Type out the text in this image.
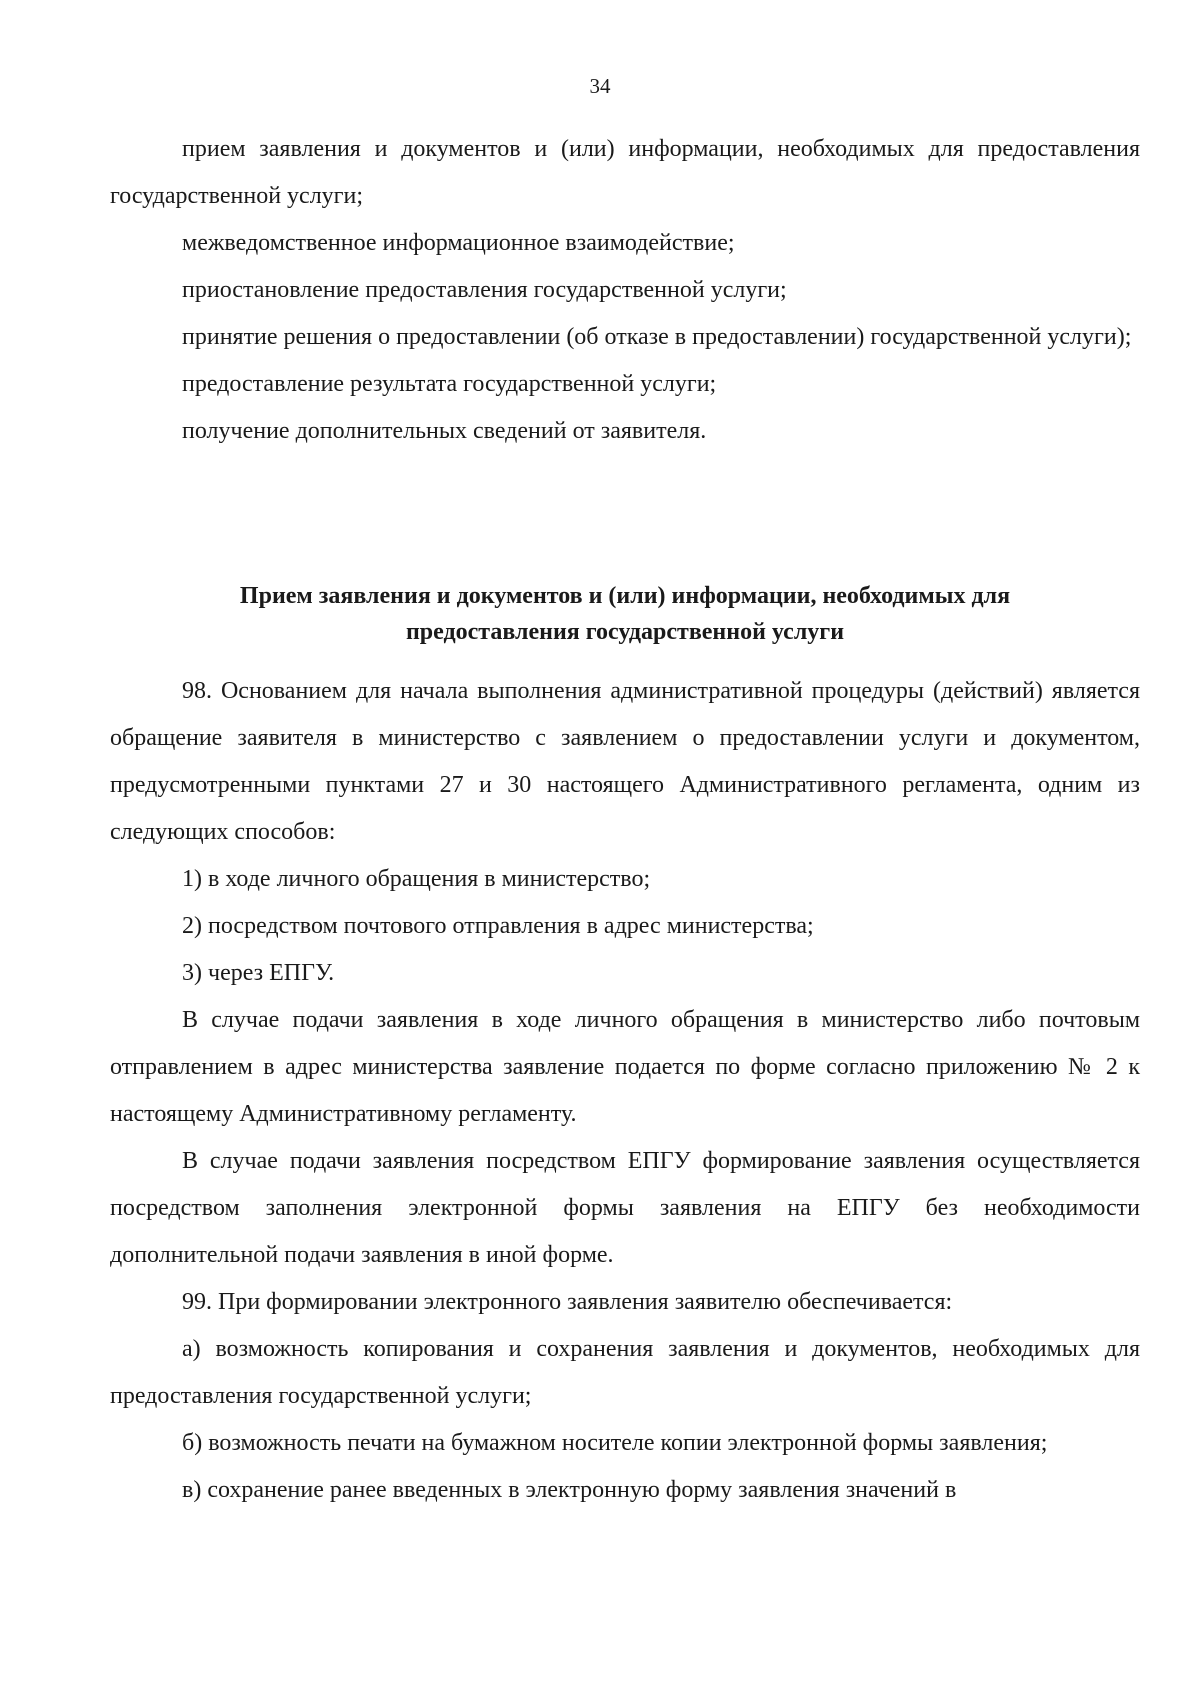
34

прием заявления и документов и (или) информации, необходимых для предоставления государственной услуги;

межведомственное информационное взаимодействие;

приостановление предоставления государственной услуги;

принятие решения о предоставлении (об отказе в предоставлении) государственной услуги);

предоставление результата государственной услуги;

получение дополнительных сведений от заявителя.

Прием заявления и документов и (или) информации, необходимых для

предоставления государственной услуги

98. Основанием для начала выполнения административной процедуры (действий) является обращение заявителя в министерство с заявлением о предоставлении услуги и документом, предусмотренными пунктами 27 и 30 настоящего Административного регламента, одним из следующих способов:

1) в ходе личного обращения в министерство;

2) посредством почтового отправления в адрес министерства;

3) через ЕПГУ.

В случае подачи заявления в ходе личного обращения в министерство либо почтовым отправлением в адрес министерства заявление подается по форме согласно приложению № 2 к настоящему Административному регламенту.

В случае подачи заявления посредством ЕПГУ формирование заявления осуществляется посредством заполнения электронной формы заявления на ЕПГУ без необходимости дополнительной подачи заявления в иной форме.

99. При формировании электронного заявления заявителю обеспечивается:

а) возможность копирования и сохранения заявления и документов, необходимых для предоставления государственной услуги;

б) возможность печати на бумажном носителе копии электронной формы заявления;

в) сохранение ранее введенных в электронную форму заявления значений в
